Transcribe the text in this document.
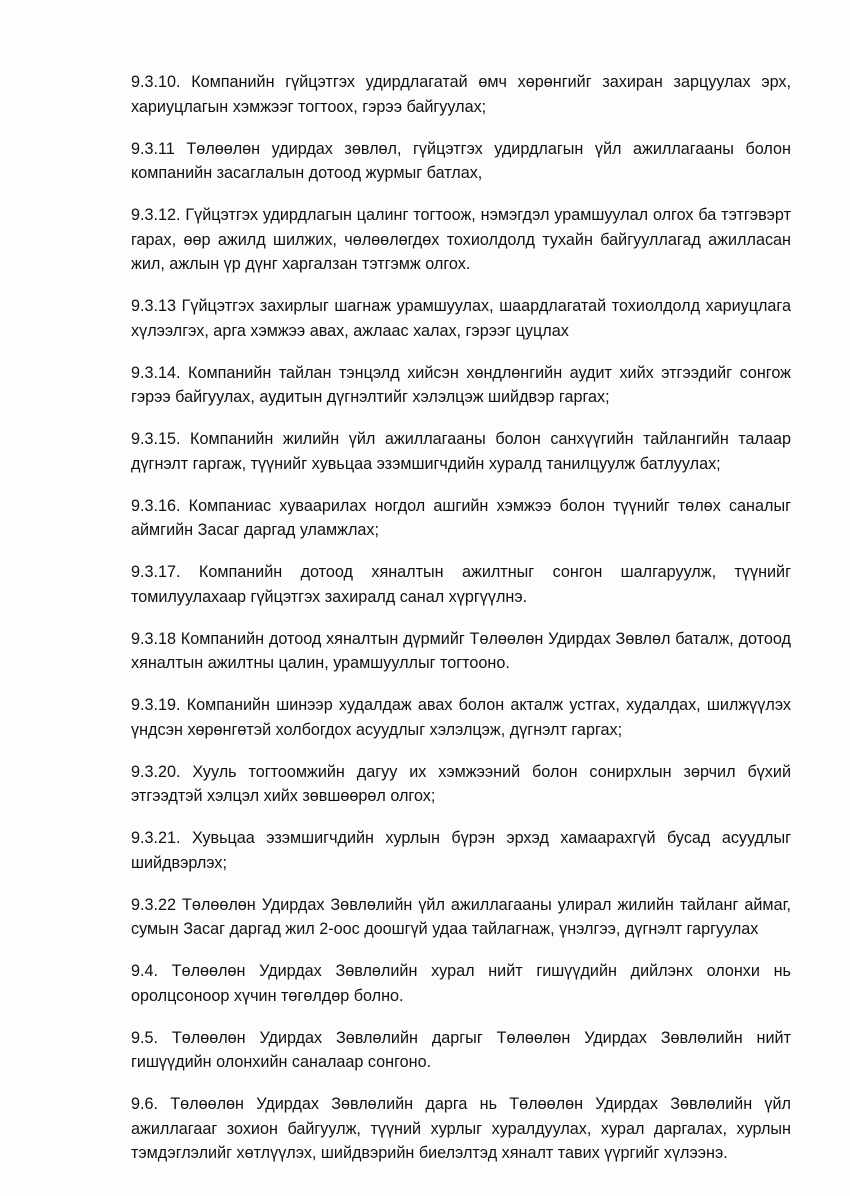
9.3.10. Компанийн гүйцэтгэх удирдлагатай өмч хөрөнгийг захиран зарцуулах эрх, хариуцлагын хэмжээг тогтоох, гэрээ байгуулах;

9.3.11 Төлөөлөн удирдах зөвлөл, гүйцэтгэх удирдлагын үйл ажиллагааны болон компанийн засаглалын дотоод журмыг батлах,

9.3.12. Гүйцэтгэх удирдлагын цалинг тогтоож, нэмэгдэл урамшуулал олгох ба тэтгэвэрт гарах, өөр ажилд шилжих, чөлөөлөгдөх тохиолдолд тухайн байгууллагад ажилласан жил, ажлын үр дүнг харгалзан тэтгэмж олгох.

9.3.13 Гүйцэтгэх захирлыг шагнаж урамшуулах, шаардлагатай тохиолдолд хариуцлага хүлээлгэх, арга хэмжээ авах, ажлаас халах, гэрээг цуцлах

9.3.14. Компанийн тайлан тэнцэлд хийсэн хөндлөнгийн аудит хийх этгээдийг сонгож гэрээ байгуулах, аудитын дүгнэлтийг хэлэлцэж шийдвэр гаргах;

9.3.15. Компанийн жилийн үйл ажиллагааны болон санхүүгийн тайлангийн талаар дүгнэлт гаргаж, түүнийг хувьцаа эзэмшигчдийн хуралд танилцуулж батлуулах;

9.3.16. Компаниас хуваарилах ногдол ашгийн хэмжээ болон түүнийг төлөх саналыг аймгийн Засаг даргад уламжлах;

9.3.17. Компанийн дотоод хяналтын ажилтныг сонгон шалгаруулж, түүнийг томилуулахаар гүйцэтгэх захиралд санал хүргүүлнэ.

9.3.18 Компанийн дотоод хяналтын дүрмийг Төлөөлөн Удирдах Зөвлөл баталж, дотоод хяналтын ажилтны цалин, урамшууллыг тогтооно.

9.3.19. Компанийн шинээр худалдаж авах болон акталж устгах, худалдах, шилжүүлэх үндсэн хөрөнгөтэй холбогдох асуудлыг хэлэлцэж, дүгнэлт гаргах;

9.3.20. Хууль тогтоомжийн дагуу их хэмжээний болон сонирхлын зөрчил бүхий этгээдтэй хэлцэл хийх зөвшөөрөл олгох;

9.3.21. Хувьцаа эзэмшигчдийн хурлын бүрэн эрхэд хамаарахгүй бусад асуудлыг шийдвэрлэх;

9.3.22 Төлөөлөн Удирдах Зөвлөлийн үйл ажиллагааны улирал жилийн тайланг аймаг, сумын Засаг даргад жил 2-оос доошгүй удаа тайлагнаж, үнэлгээ, дүгнэлт гаргуулах

9.4. Төлөөлөн Удирдах Зөвлөлийн хурал нийт гишүүдийн дийлэнх олонхи нь оролцсоноор хүчин төгөлдөр болно.

9.5. Төлөөлөн Удирдах Зөвлөлийн даргыг Төлөөлөн Удирдах Зөвлөлийн нийт гишүүдийн олонхийн саналаар сонгоно.

9.6. Төлөөлөн Удирдах Зөвлөлийн дарга нь Төлөөлөн Удирдах Зөвлөлийн үйл ажиллагааг зохион байгуулж, түүний хурлыг хуралдуулах, хурал даргалах, хурлын тэмдэглэлийг хөтлүүлэх, шийдвэрийн биелэлтэд хяналт тавих үүргийг хүлээнэ.
